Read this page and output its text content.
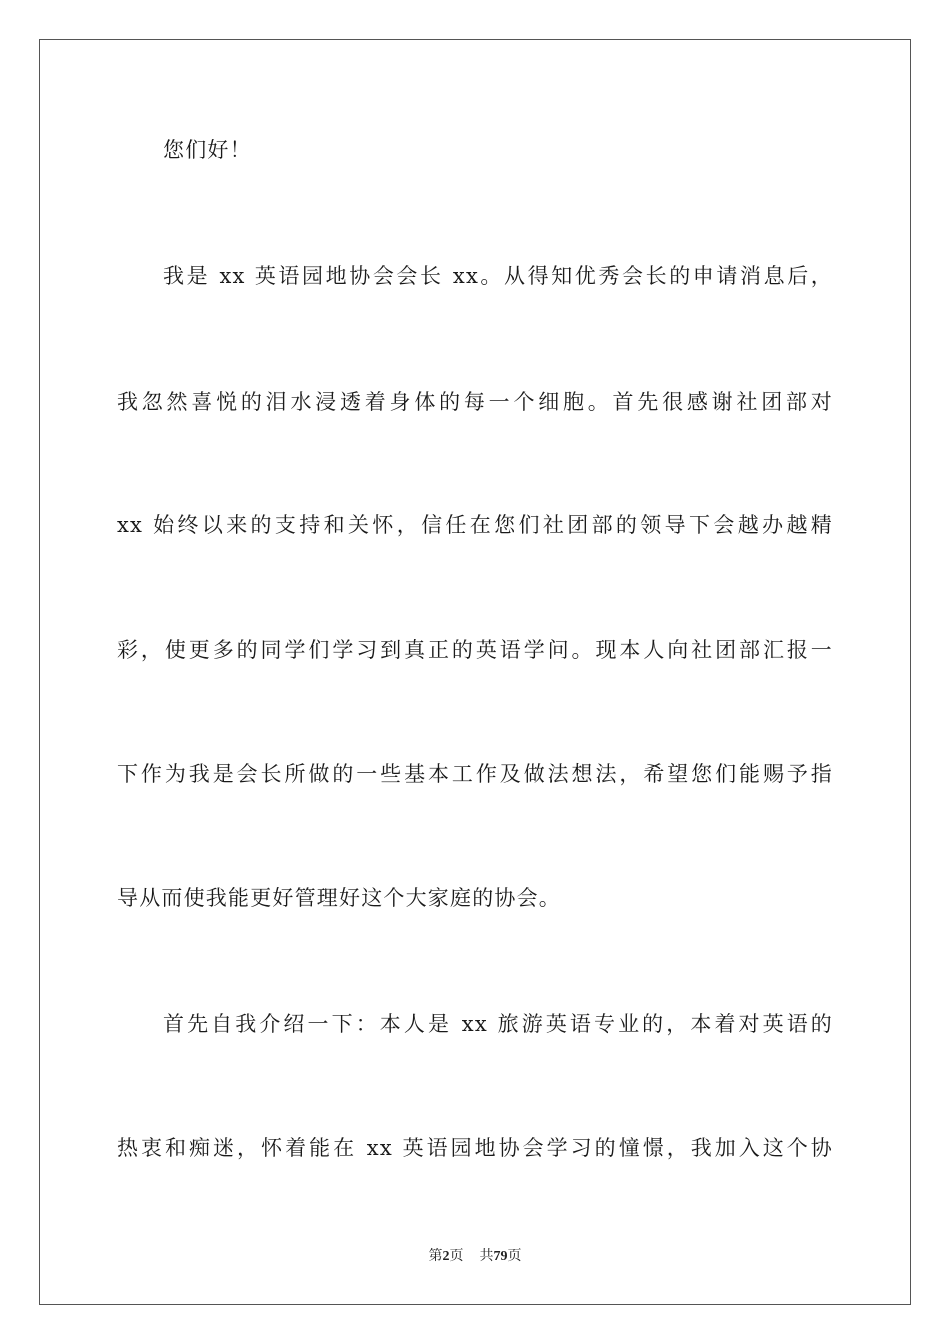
您们好！
我是 xx 英语园地协会会长 xx。从得知优秀会长的申请消息后，
我忽然喜悦的泪水浸透着身体的每一个细胞。首先很感谢社团部对
xx 始终以来的支持和关怀，信任在您们社团部的领导下会越办越精
彩，使更多的同学们学习到真正的英语学问。现本人向社团部汇报一
下作为我是会长所做的一些基本工作及做法想法，希望您们能赐予指
导从而使我能更好管理好这个大家庭的协会。
首先自我介绍一下：本人是 xx 旅游英语专业的，本着对英语的
热衷和痴迷，怀着能在 xx 英语园地协会学习的憧憬，我加入这个协
第2页 共79页
